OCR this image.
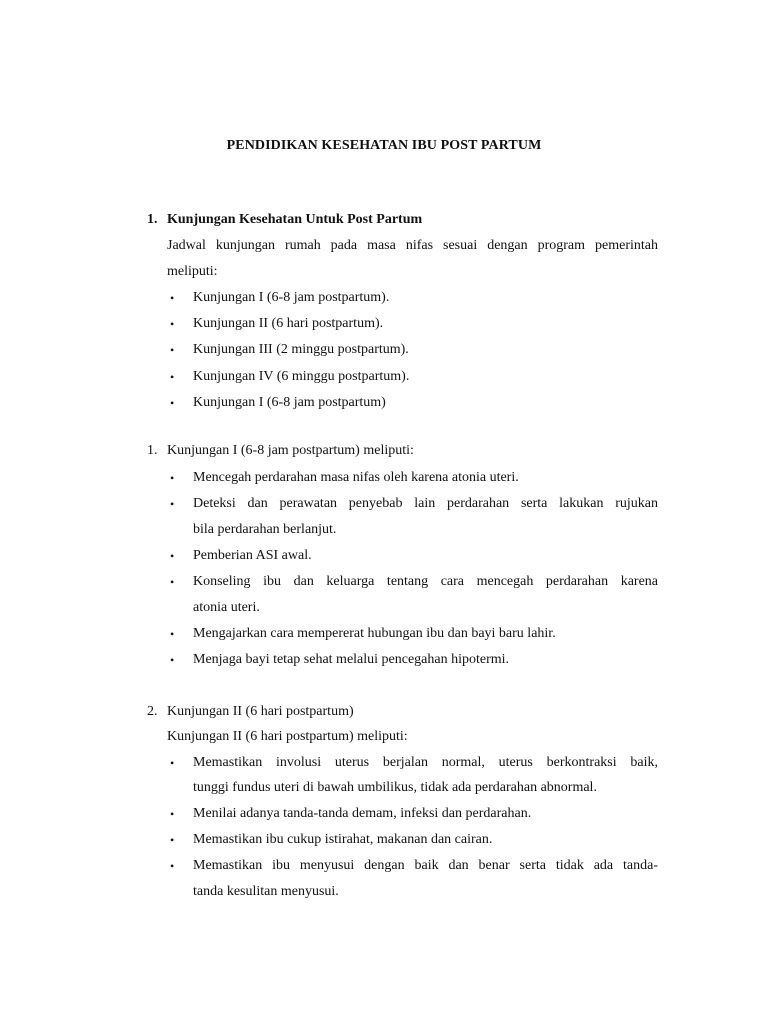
PENDIDIKAN KESEHATAN IBU POST PARTUM
1. Kunjungan Kesehatan Untuk Post Partum
Jadwal kunjungan rumah pada masa nifas sesuai dengan program pemerintah
meliputi:
• Kunjungan I (6-8 jam postpartum).
• Kunjungan II (6 hari postpartum).
• Kunjungan III (2 minggu postpartum).
• Kunjungan IV (6 minggu postpartum).
• Kunjungan I (6-8 jam postpartum)
1. Kunjungan I (6-8 jam postpartum) meliputi:
• Mencegah perdarahan masa nifas oleh karena atonia uteri.
• Deteksi dan perawatan penyebab lain perdarahan serta lakukan rujukan
bila perdarahan berlanjut.
• Pemberian ASI awal.
• Konseling ibu dan keluarga tentang cara mencegah perdarahan karena
atonia uteri.
• Mengajarkan cara mempererat hubungan ibu dan bayi baru lahir.
• Menjaga bayi tetap sehat melalui pencegahan hipotermi.
2. Kunjungan II (6 hari postpartum)
Kunjungan II (6 hari postpartum) meliputi:
• Memastikan involusi uterus berjalan normal, uterus berkontraksi baik,
tunggi fundus uteri di bawah umbilikus, tidak ada perdarahan abnormal.
• Menilai adanya tanda-tanda demam, infeksi dan perdarahan.
• Memastikan ibu cukup istirahat, makanan dan cairan.
• Memastikan ibu menyusui dengan baik dan benar serta tidak ada tanda-
tanda kesulitan menyusui.
